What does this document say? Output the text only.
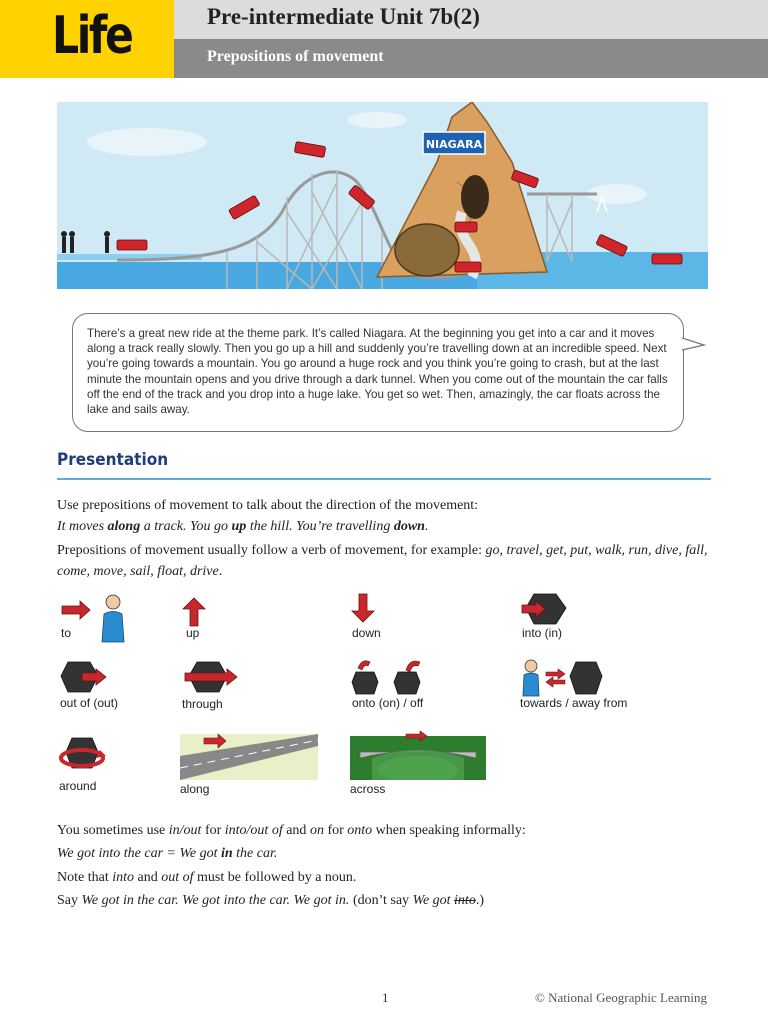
Life	Pre-intermediate Unit 7b(2)
Prepositions of movement
NIAGARA

There’s a great new ride at the theme park. It’s called Niagara. At the beginning you get into a car and it moves along a track really slowly. Then you go up a hill and suddenly you’re travelling down at an incredible speed. Next you’re going towards a mountain. You go around a huge rock and you think you’re going to crash, but at the last minute the mountain opens and you drive through a dark tunnel. When you come out of the mountain the car falls off the end of the track and you drop into a huge lake. You get so wet. Then, amazingly, the car floats across the lake and sails away.

Presentation
Use prepositions of movement to talk about the direction of the movement:
It moves along a track. You go up the hill. You’re travelling down.
Prepositions of movement usually follow a verb of movement, for example: go, travel, get, put, walk, run, dive, fall, come, move, sail, float, drive.
to	up	down	into (in)
out of (out)	through	onto (on) / off	towards / away from
around	along	across
You sometimes use in/out for into/out of and on for onto when speaking informally:
We got into the car = We got in the car.
Note that into and out of must be followed by a noun.
Say We got in the car. We got into the car. We got in. (don’t say We got into.)
1	© National Geographic Learning
